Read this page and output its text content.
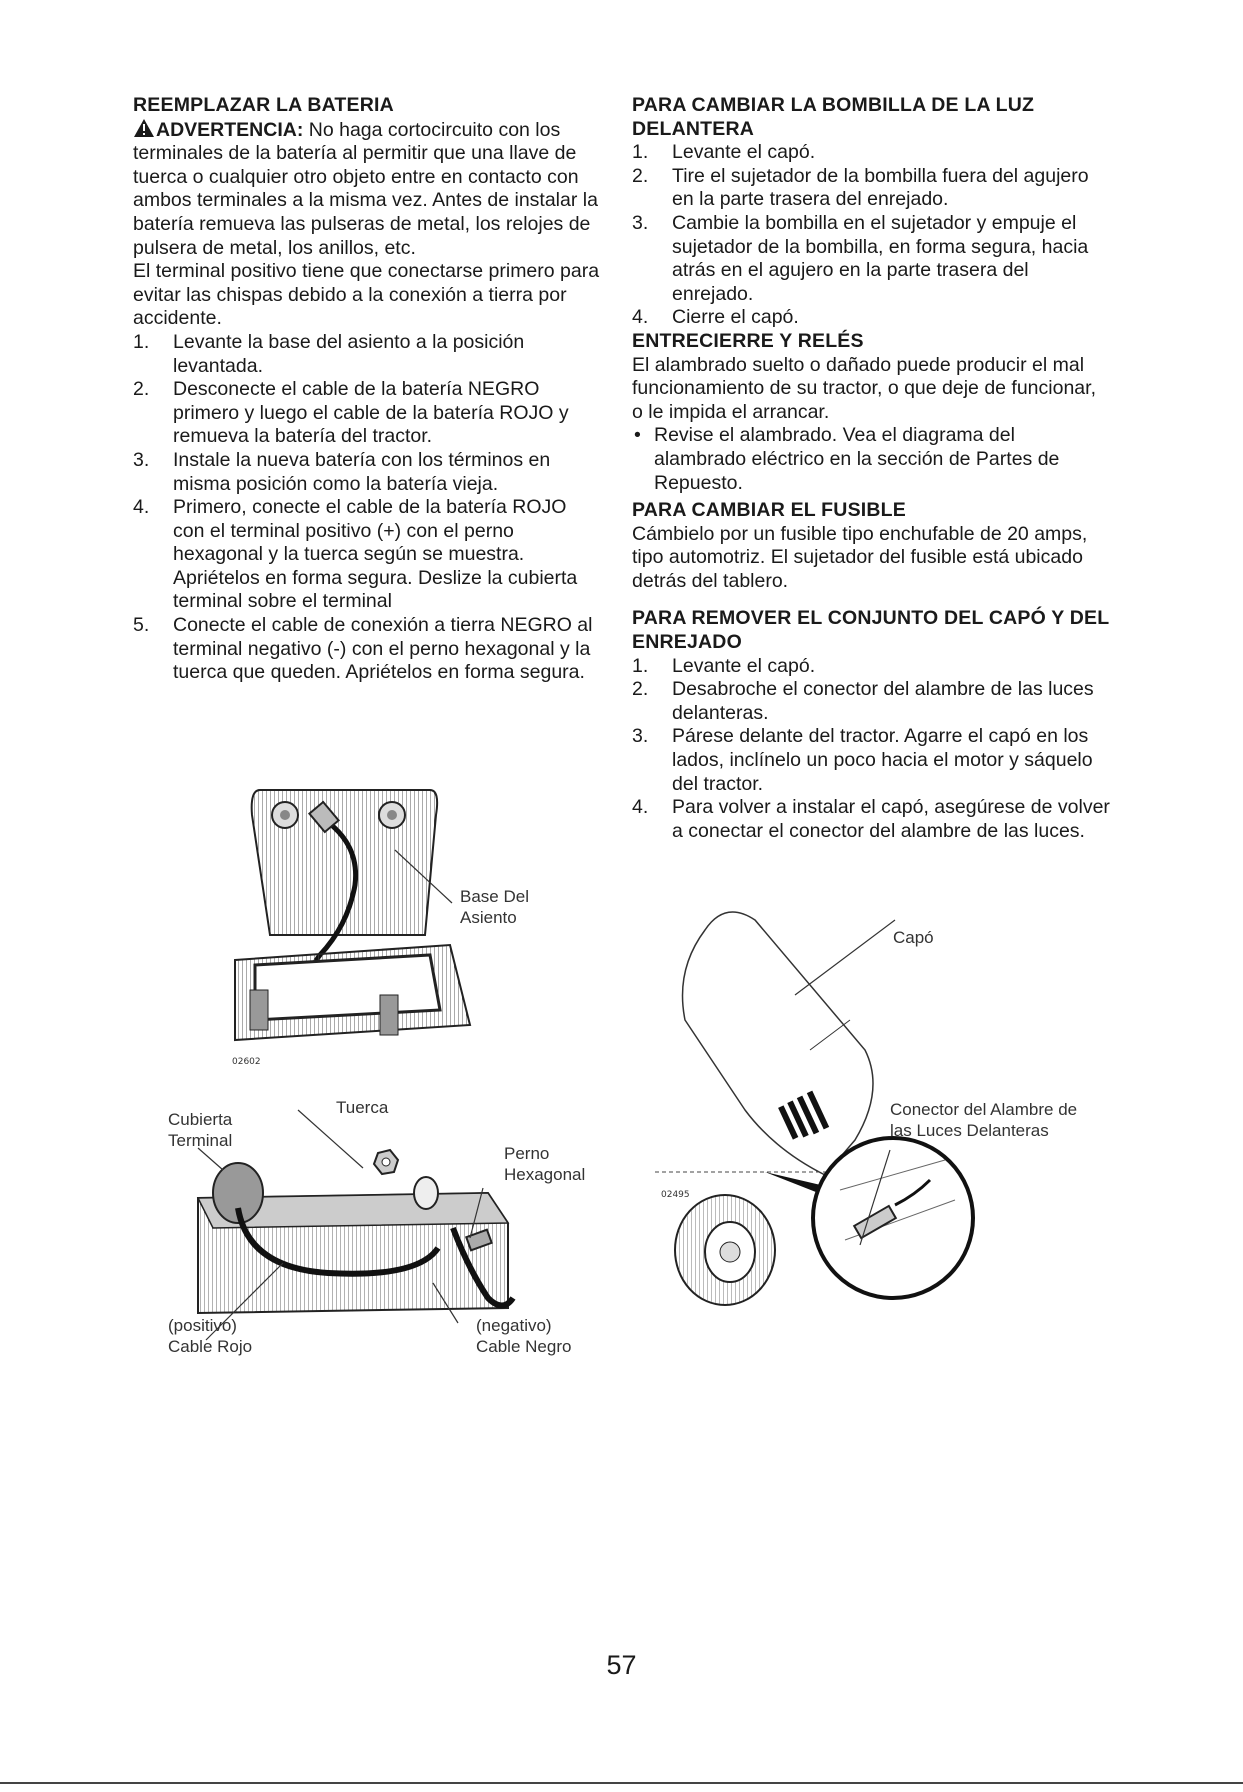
REEMPLAZAR LA BATERIA

ADVERTENCIA: No haga cortocircuito con los terminales de la batería al permitir que una llave de tuerca o cualquier otro objeto entre en contacto con ambos terminales a la misma vez. Antes de instalar la batería remueva las pulseras de metal, los relojes de pulsera de metal, los anillos, etc.

El terminal positivo tiene que conectarse primero para evitar las chispas debido a la conexión a tierra por accidente.

1.	Levante la base del asiento a la posición levantada.
2.	Desconecte el cable de la batería NEGRO primero y luego el cable de la batería ROJO y remueva la batería del tractor.
3.	Instale la nueva batería con los términos en misma posición como la batería vieja.
4.	Primero, conecte el cable de la batería ROJO con el terminal positivo (+) con el perno hexagonal y la tuerca según se muestra. Apriételos en forma segura. Deslize la cubierta terminal sobre el terminal
5.	Conecte el cable de conexión a tierra NEGRO al terminal negativo (-) con el perno hexagonal y la tuerca que queden. Apriételos en forma segura.
Base Del
Asiento
02602
Cubierta
Terminal
Tuerca
Perno
Hexagonal
(positivo)
Cable Rojo
(negativo)
Cable Negro
PARA CAMBIAR LA BOMBILLA DE LA LUZ DELANTERA
1.	Levante el capó.
2.	Tire el sujetador de la bombilla fuera del agujero en la parte trasera del enrejado.
3.	Cambie la bombilla en el sujetador y empuje el sujetador de la bombilla, en forma segura, hacia atrás en el agujero en la parte trasera del enrejado.
4.	Cierre el capó.
ENTRECIERRE Y RELÉS

El alambrado suelto o dañado puede producir el mal funcionamiento de su tractor, o que deje de funcionar, o le impida el arrancar.

• Revise el alambrado. Vea el diagrama del alambrado eléctrico en la sección de Partes de Repuesto.
PARA CAMBIAR EL FUSIBLE

Cámbielo por un fusible tipo enchufable de 20 amps, tipo automotriz. El sujetador del fusible está ubicado detrás del tablero.

PARA REMOVER EL CONJUNTO DEL CAPÓ Y DEL ENREJADO
1.	Levante el capó.
2.	Desabroche el conector del alambre de las luces delanteras.
3.	Párese delante del tractor. Agarre el capó en los lados, inclínelo un poco hacia el motor y sáquelo del tractor.
4.	Para volver a instalar el capó, asegúrese de volver a conectar el conector del alambre de las luces.
Capó
Conector del Alambre de
las Luces Delanteras
02495
57
